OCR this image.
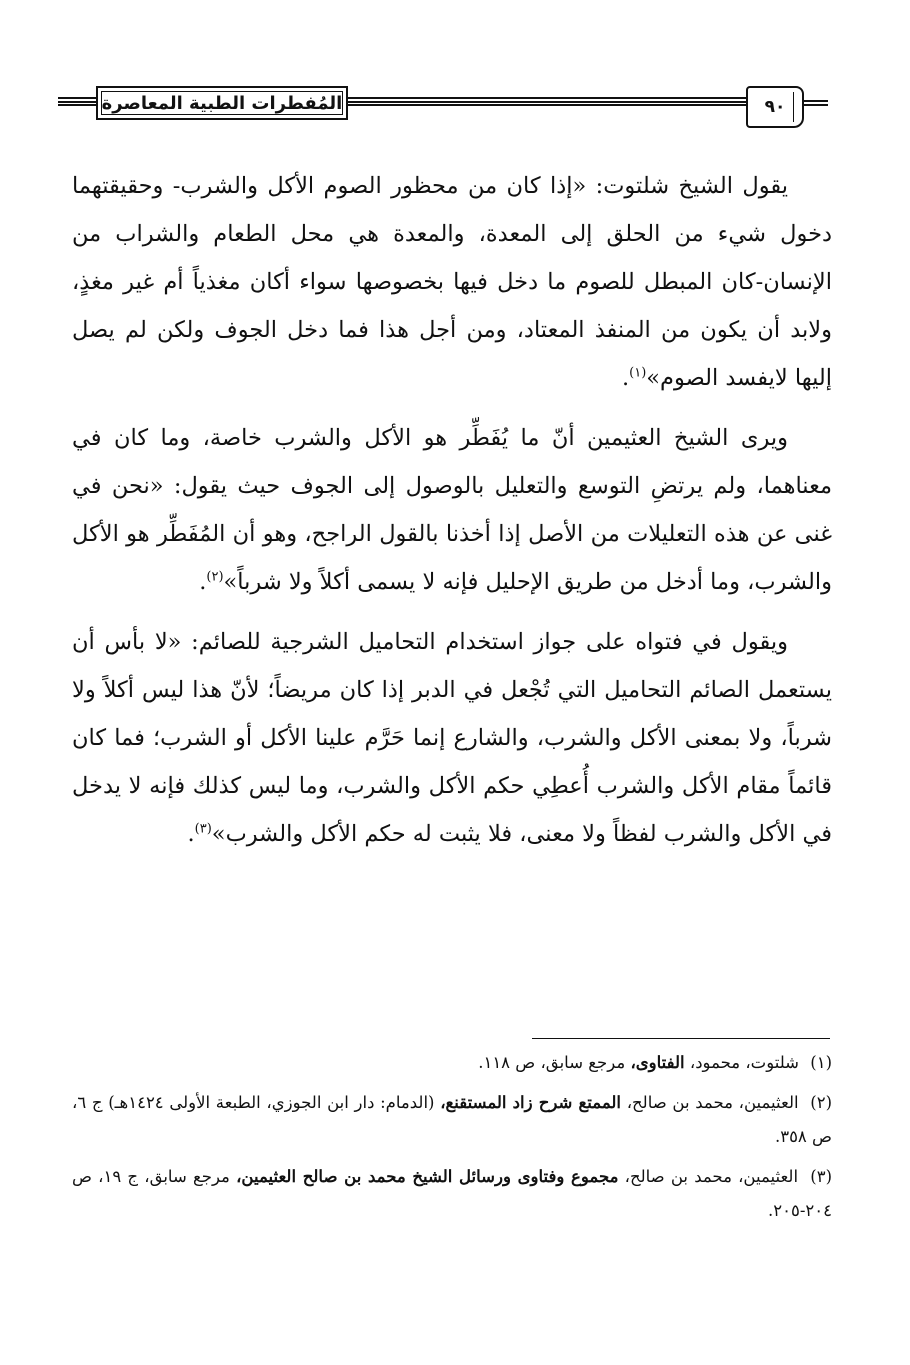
المُفطرات الطبية المعاصرة	٩٠

يقول الشيخ شلتوت: «إذا كان من محظور الصوم الأكل والشرب- وحقيقتهما دخول شيء من الحلق إلى المعدة، والمعدة هي محل الطعام والشراب من الإنسان-كان المبطل للصوم ما دخل فيها بخصوصها سواء أكان مغذياً أم غير مغذٍ، ولابد أن يكون من المنفذ المعتاد، ومن أجل هذا فما دخل الجوف ولكن لم يصل إليها لايفسد الصوم»$^{(١)}$.

ويرى الشيخ العثيمين أنّ ما يُفَطِّر هو الأكل والشرب خاصة، وما كان في معناهما، ولم يرتضِ التوسع والتعليل بالوصول إلى الجوف حيث يقول: «نحن في غنى عن هذه التعليلات من الأصل إذا أخذنا بالقول الراجح، وهو أن المُفَطِّر هو الأكل والشرب، وما أدخل من طريق الإحليل فإنه لا يسمى أكلاً ولا شرباً»$^{(٢)}$.

ويقول في فتواه على جواز استخدام التحاميل الشرجية للصائم: «لا بأس أن يستعمل الصائم التحاميل التي تُجْعل في الدبر إذا كان مريضاً؛ لأنّ هذا ليس أكلاً ولا شرباً، ولا بمعنى الأكل والشرب، والشارع إنما حَرَّم علينا الأكل أو الشرب؛ فما كان قائماً مقام الأكل والشرب أُعطِي حكم الأكل والشرب، وما ليس كذلك فإنه لا يدخل في الأكل والشرب لفظاً ولا معنى، فلا يثبت له حكم الأكل والشرب»$^{(٣)}$.

(١) شلتوت، محمود، الفتاوى، مرجع سابق، ص ١١٨.

(٢) العثيمين، محمد بن صالح، الممتع شرح زاد المستقنع، (الدمام: دار ابن الجوزي، الطبعة الأولى ١٤٢٤هـ) ج ٦، ص ٣٥٨.

(٣) العثيمين، محمد بن صالح، مجموع وفتاوى ورسائل الشيخ محمد بن صالح العثيمين، مرجع سابق، ج ١٩، ص ٢٠٤-٢٠٥.
